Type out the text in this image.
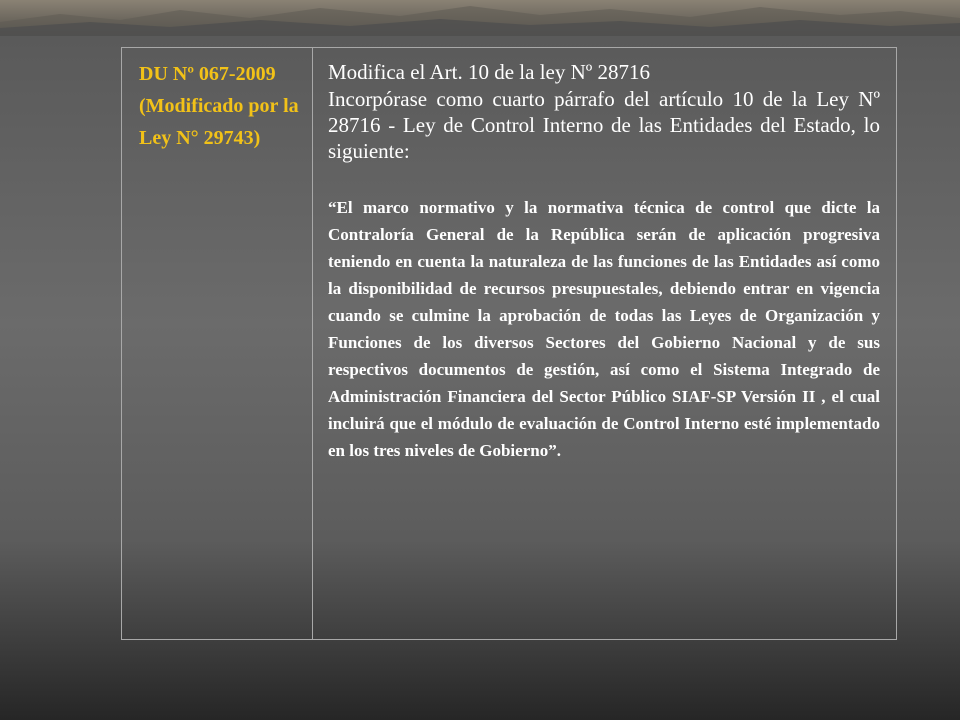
DU Nº 067-2009 (Modificado por la Ley N° 29743)

Modifica el Art. 10 de la ley Nº 28716
Incorpórase como cuarto párrafo del artículo 10 de la Ley Nº 28716 - Ley de Control Interno de las Entidades del Estado, lo siguiente:
“El marco normativo y la normativa técnica de control que dicte la Contraloría General de la República serán de aplicación progresiva teniendo en cuenta la naturaleza de las funciones de las Entidades así como la disponibilidad de recursos presupuestales, debiendo entrar en vigencia cuando se culmine la aprobación de todas las Leyes de Organización y Funciones de los diversos Sectores del Gobierno Nacional y de sus respectivos documentos de gestión, así como el Sistema Integrado de Administración Financiera del Sector Público SIAF-SP Versión II , el cual incluirá que el módulo de evaluación de Control Interno esté implementado en los tres niveles de Gobierno”.
